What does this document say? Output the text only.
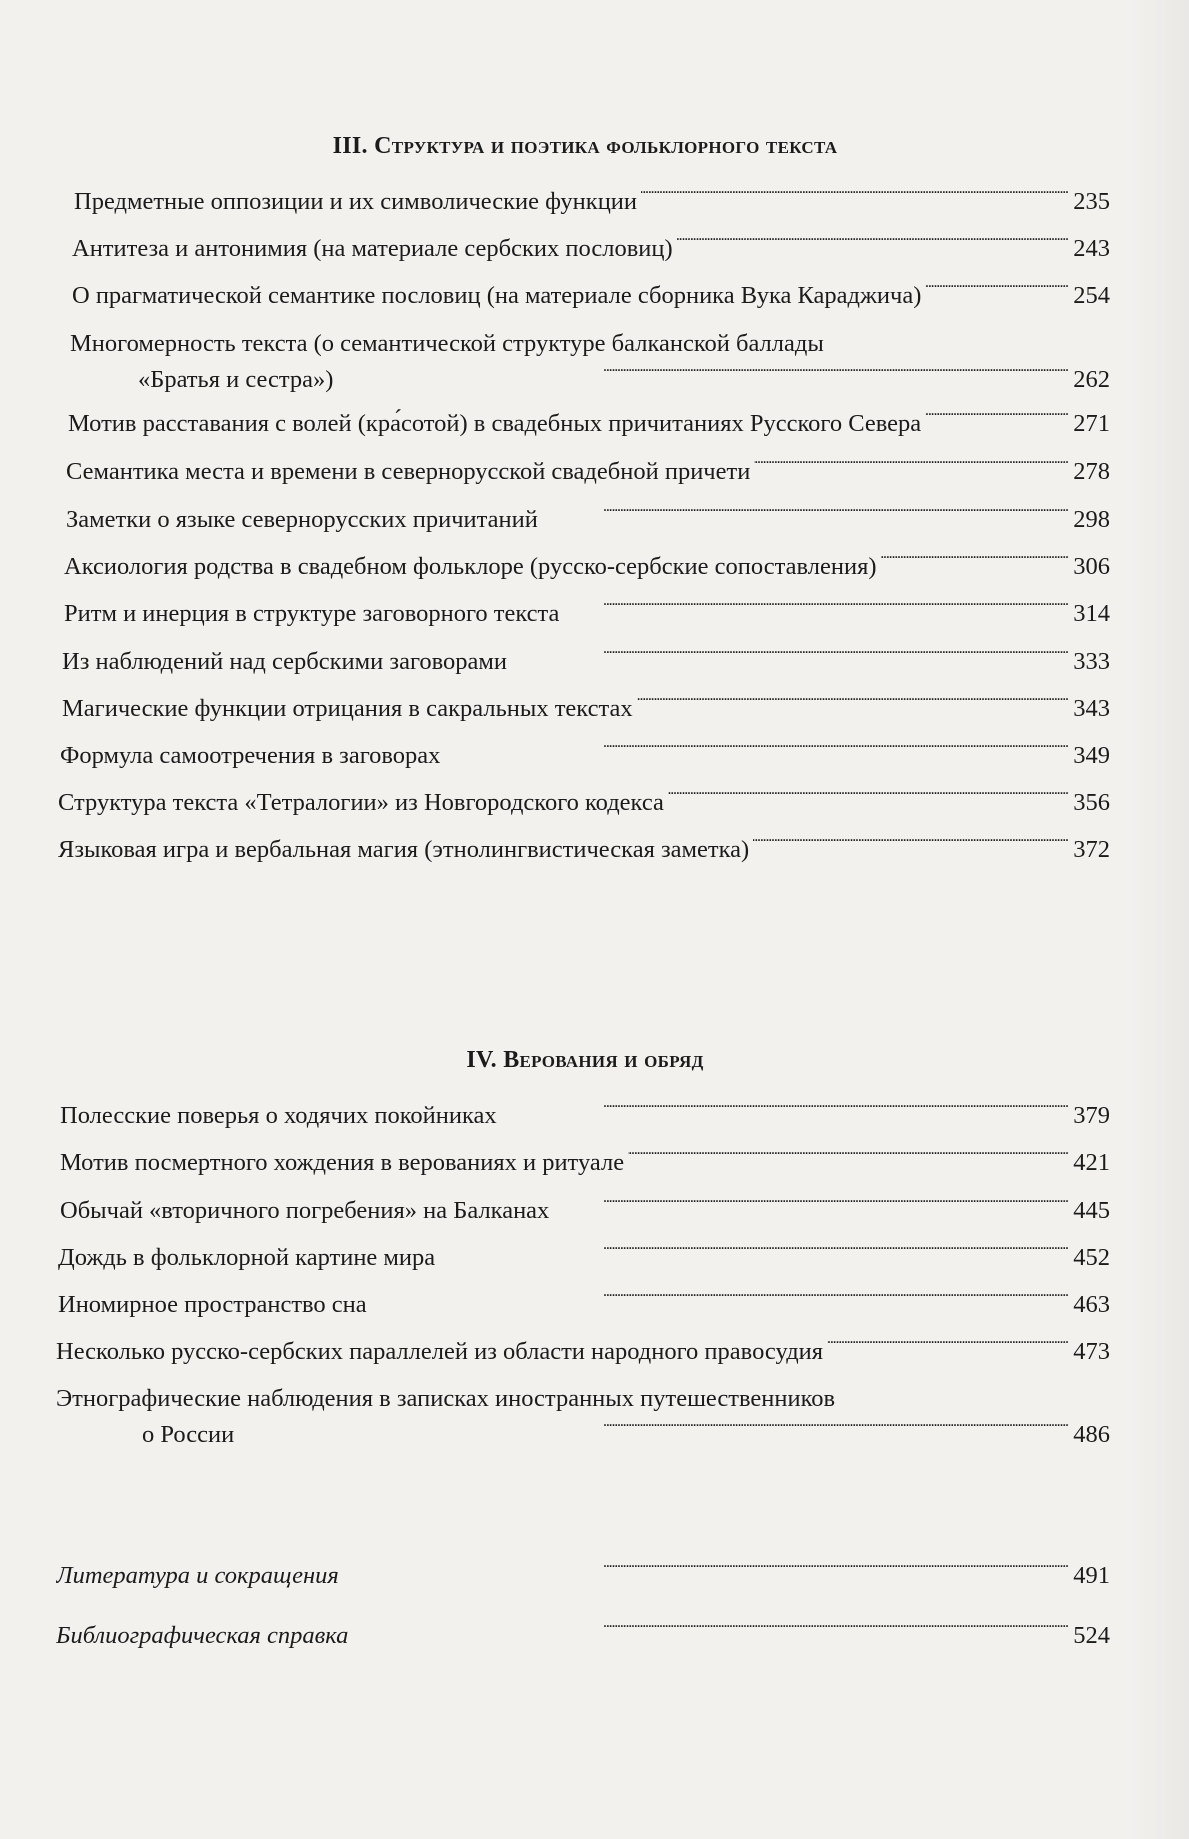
III. Структура и поэтика фольклорного текста
Предметные оппозиции и их символические функции . . .	235
Антитеза и антонимия (на материале сербских пословиц) . . .	243
О прагматической семантике пословиц (на материале сборника Вука Караджича) . . .	254
Многомерность текста (о семантической структуре балканской баллады
«Братья и сестра») . . .	262
Мотив расставания с волей (кра́сотой) в свадебных причитаниях Русского Севера . . .	271
Семантика места и времени в севернорусской свадебной причети . . .	278
Заметки о языке севернорусских причитаний . . .	298
Аксиология родства в свадебном фольклоре (русско-сербские сопоставления) . . .	306
Ритм и инерция в структуре заговорного текста . . .	314
Из наблюдений над сербскими заговорами . . .	333
Магические функции отрицания в сакральных текстах . . .	343
Формула самоотречения в заговорах . . .	349
Структура текста «Тетралогии» из Новгородского кодекса . . .	356
Языковая игра и вербальная магия (этнолингвистическая заметка) . . .	372
IV. Верования и обряд
Полесские поверья о ходячих покойниках . . .	379
Мотив посмертного хождения в верованиях и ритуале . . .	421
Обычай «вторичного погребения» на Балканах . . .	445
Дождь в фольклорной картине мира . . .	452
Иномирное пространство сна . . .	463
Несколько русско-сербских параллелей из области народного правосудия . . .	473
Этнографические наблюдения в записках иностранных путешественников
о России . . .	486
Литература и сокращения . . .	491
Библиографическая справка . . .	524
